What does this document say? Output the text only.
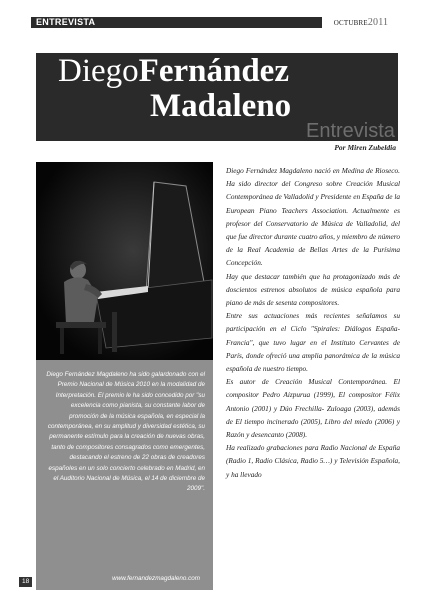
ENTREVISTA	OCTUBRE2011
DiegoFernández
Madaleno
Entrevista
Por Miren Zubeldia

Diego Fernández Magdaleno ha sido galardonado con el Premio Nacional de Música 2010 en la modalidad de Interpretación. El premio le ha sido concedido por "su excelencia como pianista, su constante labor de promoción de la música española, en especial la contemporánea, en su amplitud y diversidad estética, su permanente estímulo para la creación de nuevas obras, tanto de compositores consagrados como emergentes, destacando el estreno de 22 obras de creadores españoles en un solo concierto celebrado en Madrid, en el Auditorio Nacional de Música, el 14 de diciembre de 2009".

www.fernandezmagdaleno.com

Diego Fernández Magdaleno nació en Medina de Rioseco. Ha sido director del Congreso sobre Creación Musical Contemporánea de Valladolid y Presidente en España de la European Piano Teachers Association. Actualmente es profesor del Conservatorio de Música de Valladolid, del que fue director durante cuatro años, y miembro de número de la Real Academia de Bellas Artes de la Purísima Concepción.

Hay que destacar también que ha protagonizado más de doscientos estrenos absolutos de música española para piano de más de sesenta compositores.

Entre sus actuaciones más recientes señalamos su participación en el Ciclo "Spirales: Diálogos España-Francia", que tuvo lugar en el Instituto Cervantes de París, donde ofreció una amplia panorámica de la música española de nuestro tiempo.

Es autor de Creación Musical Contemporánea. El compositor Pedro Aizpurua (1999), El compositor Félix Antonio (2001) y Dúo Frechilla- Zuloaga (2003), además de El tiempo incinerado (2005), Libro del miedo (2006) y Razón y desencanto (2008).

Ha realizado grabaciones para Radio Nacional de España (Radio 1, Radio Clásica, Radio 5…) y Televisión Española, y ha llevado

18
